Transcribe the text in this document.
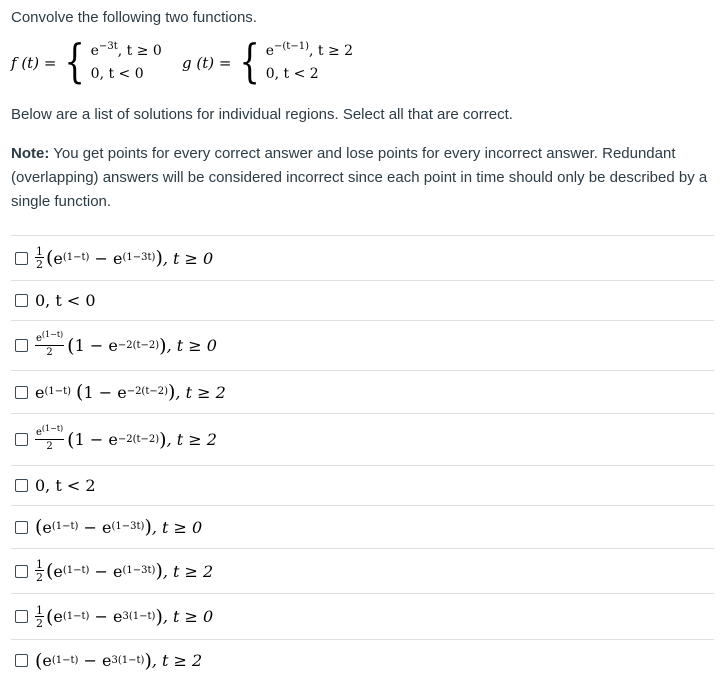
Convolve the following two functions.
f (t) = { $e^{-3t}$, t ≥ 0
0, t < 0
g (t) = { $e^{-(t-1)}$, t ≥ 2
0, t < 2
Below are a list of solutions for individual regions. Select all that are correct.
Note: You get points for every correct answer and lose points for every incorrect answer. Redundant (overlapping) answers will be considered incorrect since each point in time should only be described by a single function.
$\frac{1}{2}$ ( e (1−t) − e (1−3t) ) , t ≥ 0
0, t < 0
$\frac{e^{(1-t)}}{2}$ ( 1 − e −2(t−2) ) , t ≥ 0
e (1−t) ( 1 − e −2(t−2) ) , t ≥ 2
$\frac{e^{(1-t)}}{2}$ ( 1 − e −2(t−2) ) , t ≥ 2
0, t < 2
( e (1−t) − e (1−3t) ) , t ≥ 0
$\frac{1}{2}$ ( e (1−t) − e (1−3t) ) , t ≥ 2
$\frac{1}{2}$ ( e (1−t) − e 3(1−t) ) , t ≥ 0
( e (1−t) − e 3(1−t) ) , t ≥ 2
